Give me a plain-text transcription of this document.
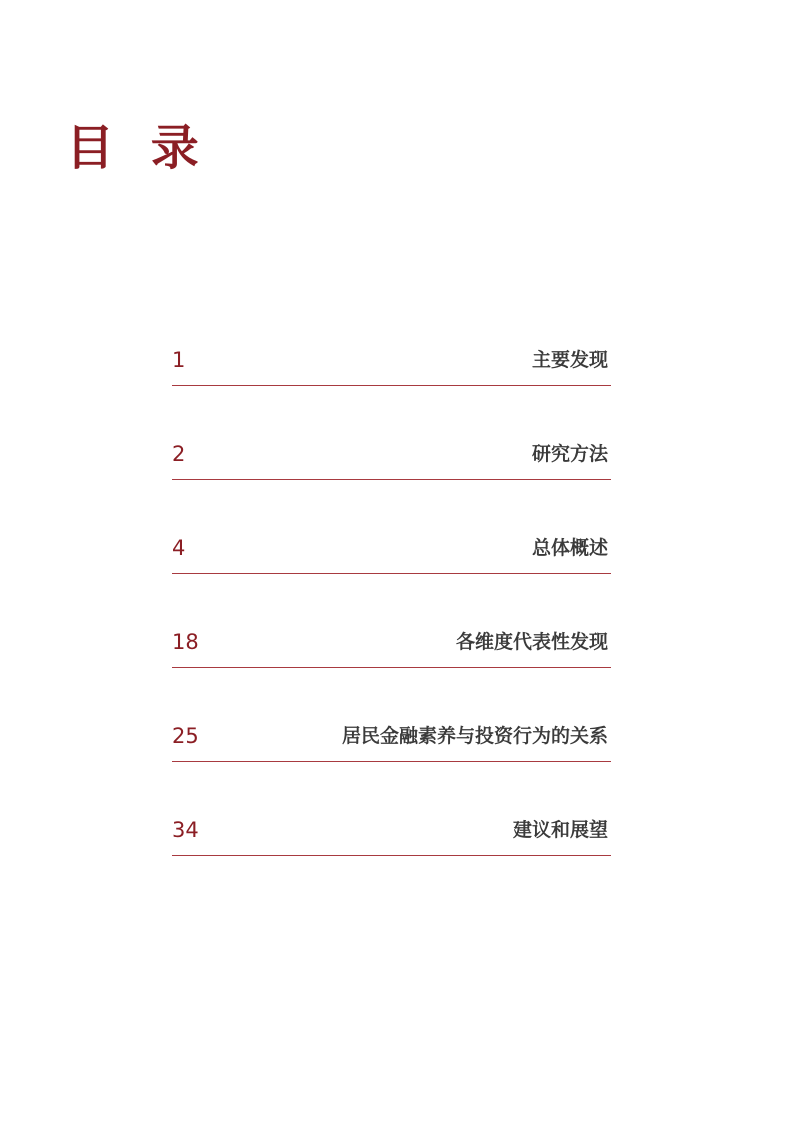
目 录
1	主要发现
2	研究方法
4	总体概述
18	各维度代表性发现
25	居民金融素养与投资行为的关系
34	建议和展望
